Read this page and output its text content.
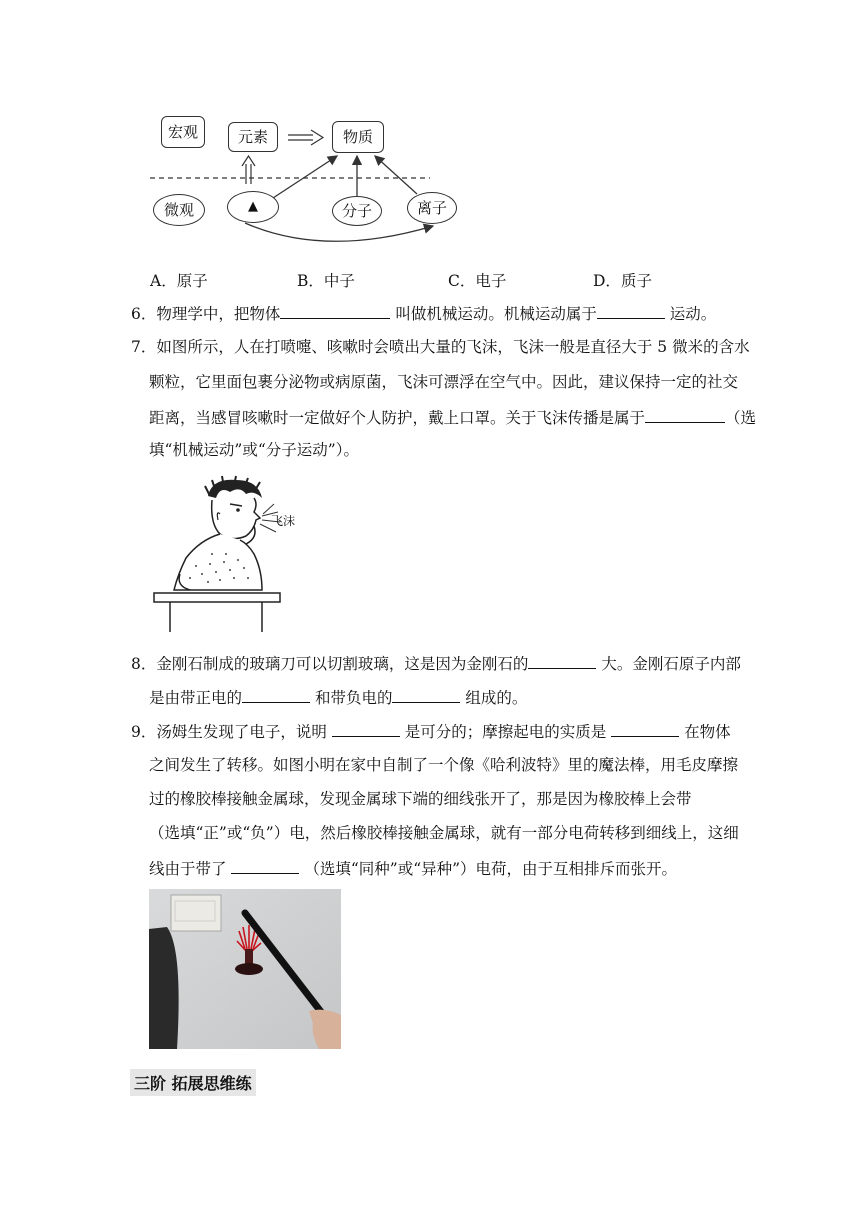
宏观	元素	物质
微观	▲	分子	离子
A．原子	B．中子	C．电子	D．质子
6．物理学中，把物体	叫做机械运动。机械运动属于	运动。
7．如图所示，人在打喷嚏、咳嗽时会喷出大量的飞沫，飞沫一般是直径大于 5 微米的含水
颗粒，它里面包裹分泌物或病原菌，飞沫可漂浮在空气中。因此，建议保持一定的社交
距离，当感冒咳嗽时一定做好个人防护，戴上口罩。关于飞沫传播是属于	（选
填“机械运动”或“分子运动”）。
飞沫
8．金刚石制成的玻璃刀可以切割玻璃，这是因为金刚石的	大。金刚石原子内部
是由带正电的	和带负电的	组成的。
9．汤姆生发现了电子，说明	是可分的；摩擦起电的实质是	在物体
之间发生了转移。如图小明在家中自制了一个像《哈利波特》里的魔法棒，用毛皮摩擦
过的橡胶棒接触金属球，发现金属球下端的细线张开了，那是因为橡胶棒上会带
（选填“正”或“负”）电，然后橡胶棒接触金属球，就有一部分电荷转移到细线上，这细
线由于带了	（选填“同种”或“异种”）电荷，由于互相排斥而张开。
三阶 拓展思维练
